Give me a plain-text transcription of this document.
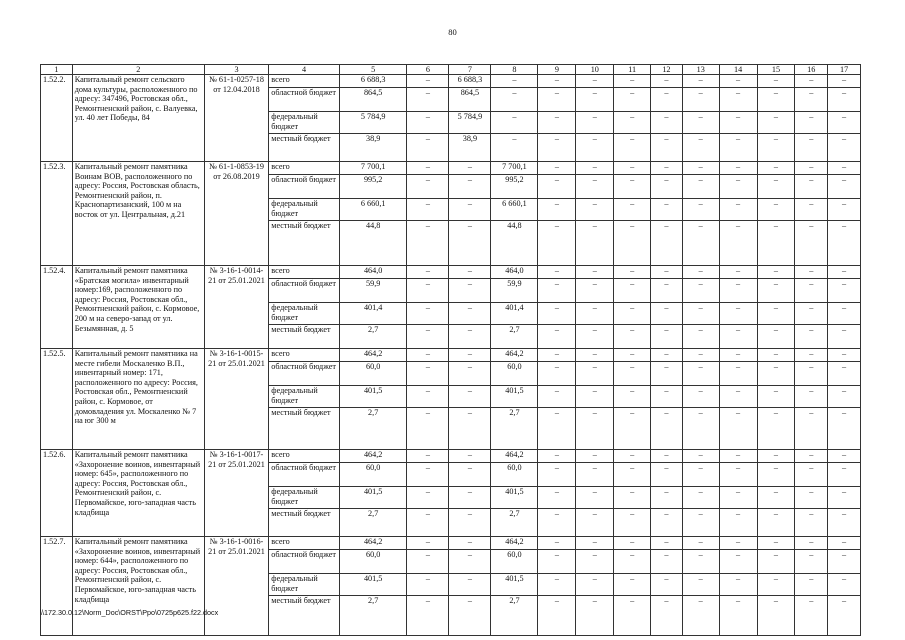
80
1	2	3	4	5	6	7	8	9	10	11	12	13	14	15	16	17
1.52.2.	Капитальный ремонт сельского дома культуры, расположенного по адресу: 347496, Ростовская обл., Ремонтненский район, с. Валуевка, ул. 40 лет Победы, 84	№ 61-1-0257-18 от 12.04.2018	всего	6 688,3	–	6 688,3	–	–	–	–	–	–	–	–	–	–
			областной бюджет	864,5	–	864,5	–	–	–	–	–	–	–	–	–	–
			федеральный бюджет	5 784,9	–	5 784,9	–	–	–	–	–	–	–	–	–	–
			местный бюджет	38,9	–	38,9	–	–	–	–	–	–	–	–	–	–
1.52.3.	Капитальный ремонт памятника Воинам ВОВ, расположенного по адресу: Россия, Ростовская область, Ремонтненский район, п. Краснопартизанский, 100 м на восток от ул. Центральная, д.21	№ 61-1-0853-19 от 26.08.2019	всего	7 700,1	–	–	7 700,1	–	–	–	–	–	–	–	–	–
			областной бюджет	995,2	–	–	995,2	–	–	–	–	–	–	–	–	–
			федеральный бюджет	6 660,1	–	–	6 660,1	–	–	–	–	–	–	–	–	–
			местный бюджет	44,8	–	–	44,8	–	–	–	–	–	–	–	–	–
1.52.4.	Капитальный ремонт памятника «Братская могила» инвентарный номер:169, расположенного по адресу: Россия, Ростовская обл., Ремонтненский район, с. Кормовое, 200 м на северо-запад от ул. Безымянная, д. 5	№ 3-16-1-0014-21 от 25.01.2021	всего	464,0	–	–	464,0	–	–	–	–	–	–	–	–	–
			областной бюджет	59,9	–	–	59,9	–	–	–	–	–	–	–	–	–
			федеральный бюджет	401,4	–	–	401,4	–	–	–	–	–	–	–	–	–
			местный бюджет	2,7	–	–	2,7	–	–	–	–	–	–	–	–	–
1.52.5.	Капитальный ремонт памятника на месте гибели Москаленко В.П., инвентарный номер: 171, расположенного по адресу: Россия, Ростовская обл., Ремонтненский район, с. Кормовое, от домовладения ул. Москаленко № 7 на юг 300 м	№ 3-16-1-0015-21 от 25.01.2021	всего	464,2	–	–	464,2	–	–	–	–	–	–	–	–	–
			областной бюджет	60,0	–	–	60,0	–	–	–	–	–	–	–	–	–
			федеральный бюджет	401,5	–	–	401,5	–	–	–	–	–	–	–	–	–
			местный бюджет	2,7	–	–	2,7	–	–	–	–	–	–	–	–	–
1.52.6.	Капитальный ремонт памятника «Захоронение воинов, инвентарный номер: 645», расположенного по адресу: Россия, Ростовская обл., Ремонтненский район, с. Первомайское, юго-западная часть кладбища	№ 3-16-1-0017-21 от 25.01.2021	всего	464,2	–	–	464,2	–	–	–	–	–	–	–	–	–
			областной бюджет	60,0	–	–	60,0	–	–	–	–	–	–	–	–	–
			федеральный бюджет	401,5	–	–	401,5	–	–	–	–	–	–	–	–	–
			местный бюджет	2,7	–	–	2,7	–	–	–	–	–	–	–	–	–
1.52.7.	Капитальный ремонт памятника «Захоронение воинов, инвентарный номер: 644», расположенного по адресу: Россия, Ростовская обл., Ремонтненский район, с. Первомайское, юго-западная часть кладбища	№ 3-16-1-0016-21 от 25.01.2021	всего	464,2	–	–	464,2	–	–	–	–	–	–	–	–	–
			областной бюджет	60,0	–	–	60,0	–	–	–	–	–	–	–	–	–
			федеральный бюджет	401,5	–	–	401,5	–	–	–	–	–	–	–	–	–
			местный бюджет	2,7	–	–	2,7	–	–	–	–	–	–	–	–	–
\\172.30.0.12\Norm_Doc\ORST\Ppo\0725p625.f22.docx
